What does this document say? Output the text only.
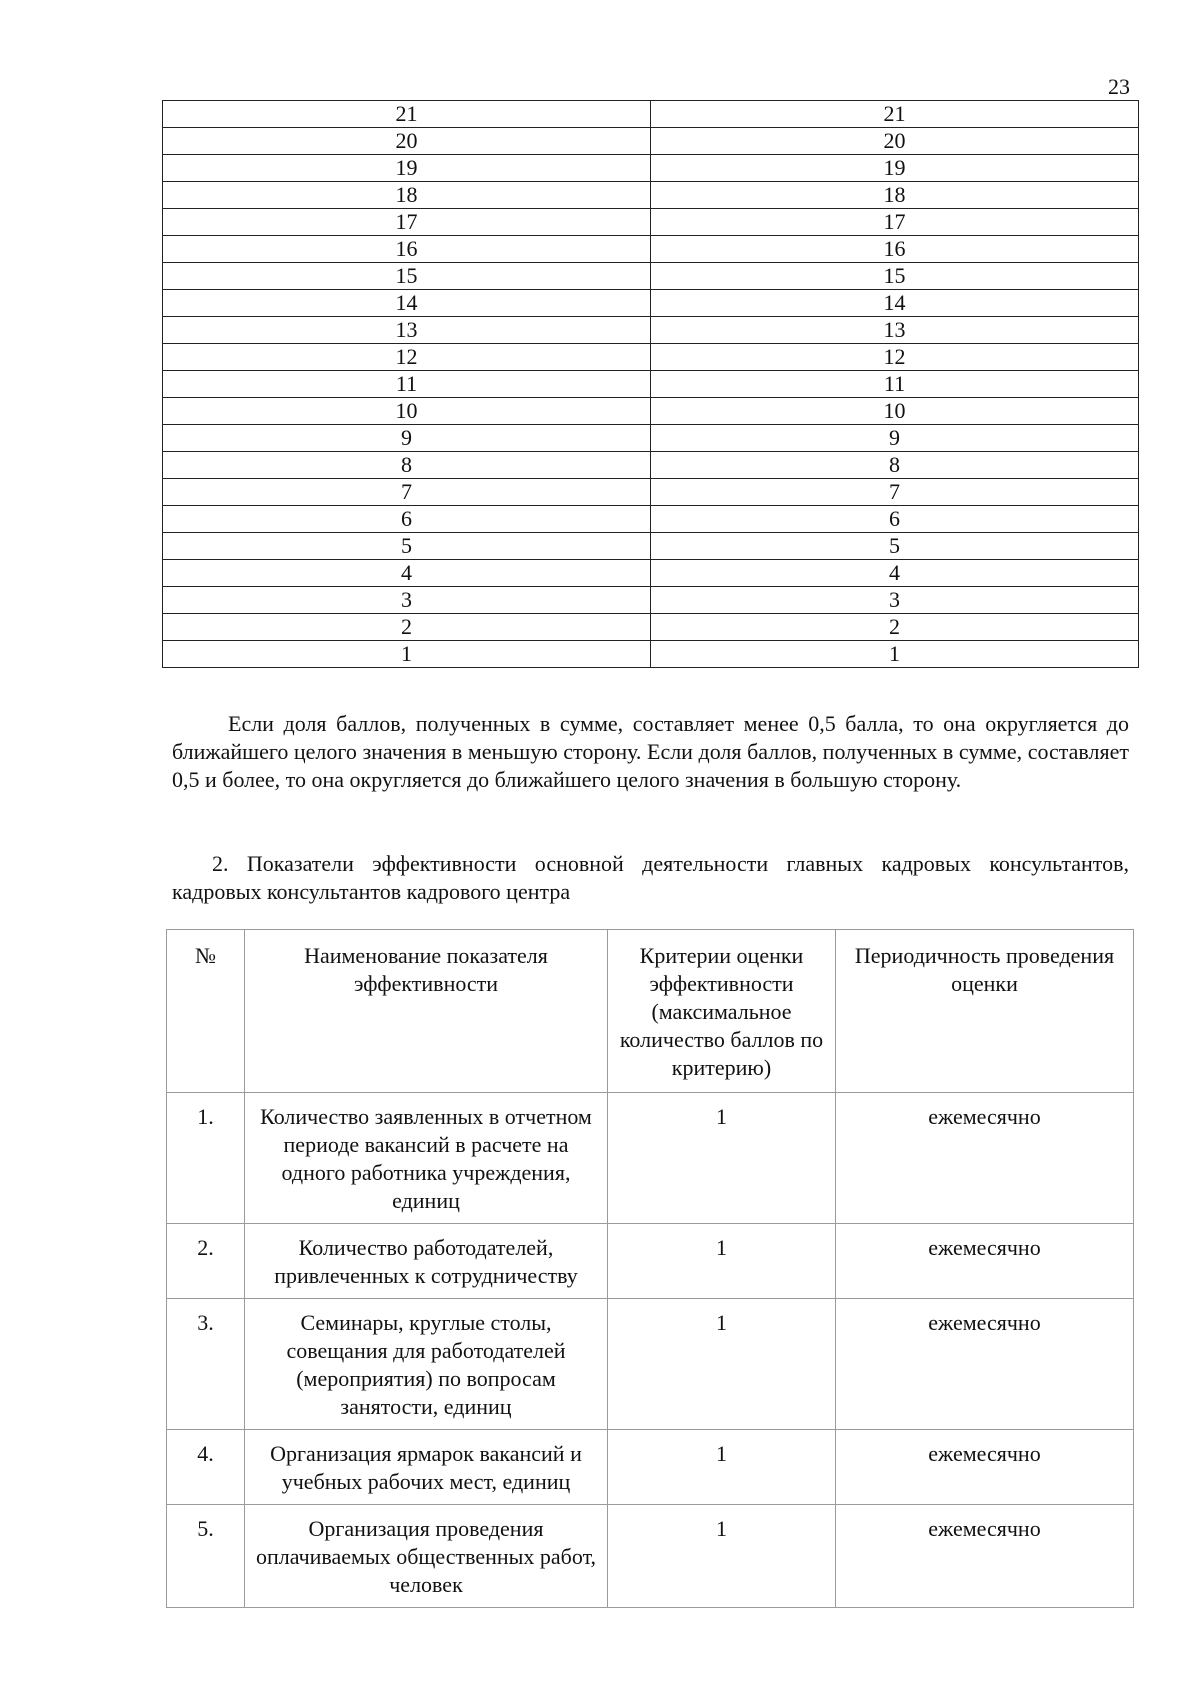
23
21	21
20	20
19	19
18	18
17	17
16	16
15	15
14	14
13	13
12	12
11	11
10	10
9	9
8	8
7	7
6	6
5	5
4	4
3	3
2	2
1	1

Если доля баллов, полученных в сумме, составляет менее 0,5 балла, то она округляется до ближайшего целого значения в меньшую сторону. Если доля баллов, полученных в сумме, составляет 0,5 и более, то она округляется до ближайшего целого значения в большую сторону.

2. Показатели эффективности основной деятельности главных кадровых консультантов, кадровых консультантов кадрового центра

№	Наименование показателя эффективности	Критерии оценки эффективности (максимальное количество баллов по критерию)	Периодичность проведения оценки
1.	Количество заявленных в отчетном периоде вакансий в расчете на одного работника учреждения, единиц	1	ежемесячно
2.	Количество работодателей, привлеченных к сотрудничеству	1	ежемесячно
3.	Семинары, круглые столы, совещания для работодателей (мероприятия) по вопросам занятости, единиц	1	ежемесячно
4.	Организация ярмарок вакансий и учебных рабочих мест, единиц	1	ежемесячно
5.	Организация проведения оплачиваемых общественных работ, человек	1	ежемесячно
